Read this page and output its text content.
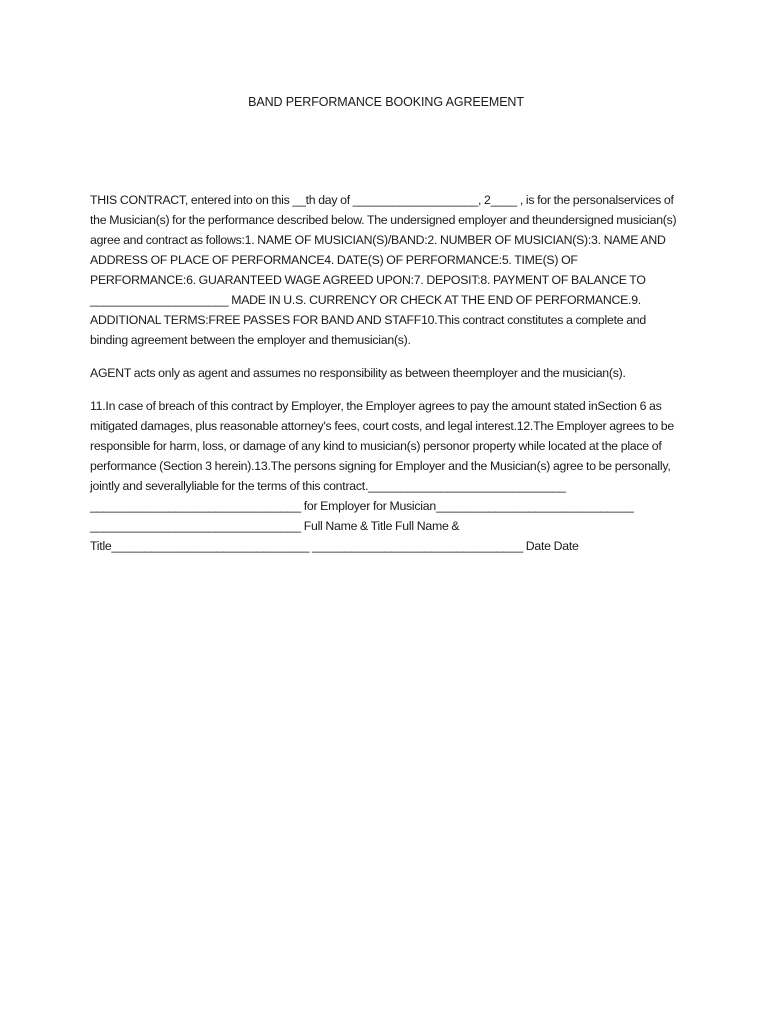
BAND PERFORMANCE BOOKING AGREEMENT

THIS CONTRACT, entered into on this __th day of ___________________, 2____ , is for the personalservices of the Musician(s) for the performance described below. The undersigned employer and theundersigned musician(s) agree and contract as follows:1. NAME OF MUSICIAN(S)/BAND:2. NUMBER OF MUSICIAN(S):3. NAME AND ADDRESS OF PLACE OF PERFORMANCE4. DATE(S) OF PERFORMANCE:5. TIME(S) OF PERFORMANCE:6. GUARANTEED WAGE AGREED UPON:7. DEPOSIT:8. PAYMENT OF BALANCE TO _____________________ MADE IN U.S. CURRENCY OR CHECK AT THE END OF PERFORMANCE.9. ADDITIONAL TERMS:FREE PASSES FOR BAND AND STAFF10.This contract constitutes a complete and binding agreement between the employer and themusician(s).

AGENT acts only as agent and assumes no responsibility as between theemployer and the musician(s).

11.In case of breach of this contract by Employer, the Employer agrees to pay the amount stated inSection 6 as mitigated damages, plus reasonable attorney's fees, court costs, and legal interest.12.The Employer agrees to be responsible for harm, loss, or damage of any kind to musician(s) personor property while located at the place of performance (Section 3 herein).13.The persons signing for Employer and the Musician(s) agree to be personally, jointly and severallyliable for the terms of this contract.______________________________ ________________________________ for Employer for Musician______________________________ ________________________________ Full Name & Title Full Name & Title______________________________ ________________________________ Date Date
